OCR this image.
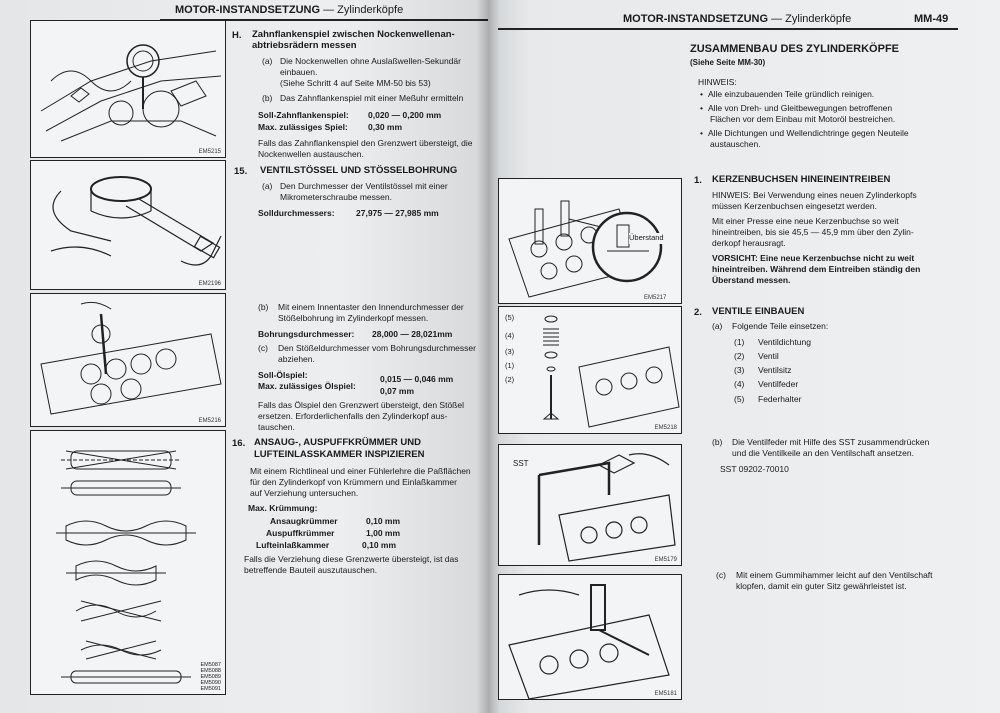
MOTOR-INSTANDSETZUNG — Zylinderköpfe
EM5215
EM2196
EM5216
EM5087
EM5088
EM5089
EM5090
EM5091
H. Zahnflankenspiel zwischen Nockenwellenan-
abtriebsrädern messen
(a) Die Nockenwellen ohne Auslaßwellen-Sekundär
einbauen.
(Siehe Schritt 4 auf Seite MM-50 bis 53)
(b) Das Zahnflankenspiel mit einer Meßuhr ermitteln
Soll-Zahnflankenspiel: 0,020 — 0,200 mm
Max. zulässiges Spiel: 0,30 mm
Falls das Zahnflankenspiel den Grenzwert übersteigt, die
Nockenwellen austauschen.
15. VENTILSTÖSSEL UND STÖSSELBOHRUNG
(a) Den Durchmesser der Ventilstössel mit einer
Mikrometerschraube messen.
Solldurchmessers:	27,975 — 27,985 mm
(b) Mit einem Innentaster den Innendurchmesser der
Stößelbohrung im Zylinderkopf messen.
Bohrungsdurchmesser: 28,000 — 28,021mm
(c) Den Stößeldurchmesser vom Bohrungsdurchmesser
abziehen.
Soll-Ölspiel:	0,015 — 0,046 mm
Max. zulässiges Ölspiel:	0,07 mm
Falls das Ölspiel den Grenzwert übersteigt, den Stößel
ersetzen. Erforderlichenfalls den Zylinderkopf aus-
tauschen.
16. ANSAUG-, AUSPUFFKRÜMMER UND
LUFTEINLASSKAMMER INSPIZIEREN
Mit einem Richtlineal und einer Fühlerlehre die Paßflächen
für den Zylinderkopf von Krümmern und Einlaßkammer
auf Verziehung untersuchen.
Max. Krümmung:
Ansaugkrümmer	0,10 mm
Auspuffkrümmer	1,00 mm
Lufteinlaßkammer	0,10 mm
Falls die Verziehung diese Grenzwerte übersteigt, ist das
betreffende Bauteil auszutauschen.
MOTOR-INSTANDSETZUNG — Zylinderköpfe	MM-49
ZUSAMMENBAU DES ZYLINDERKÖPFE
(Siehe Seite MM-30)
HINWEIS:
• Alle einzubauenden Teile gründlich reinigen.
• Alle von Dreh- und Gleitbewegungen betroffenen
Flächen vor dem Einbau mit Motoröl bestreichen.
• Alle Dichtungen und Wellendichtringe gegen Neuteile
austauschen.
Überstand
EM5217
(5)
(4)
(3)
(1)
(2)
EM5218
SST
EM5179
EM5181
1. KERZENBUCHSEN HINEINEINTREIBEN
HINWEIS: Bei Verwendung eines neuen Zylinderkopfs
müssen Kerzenbuchsen eingesetzt werden.
Mit einer Presse eine neue Kerzenbuchse so weit
hineintreiben, bis sie 45,5 — 45,9 mm über den Zylin-
derkopf herausragt.
VORSICHT: Eine neue Kerzenbuchse nicht zu weit
hineintreiben. Während dem Eintreiben ständig den
Überstand messen.
2. VENTILE EINBAUEN
(a) Folgende Teile einsetzen:
(1) Ventildichtung
(2) Ventil
(3) Ventilsitz
(4) Ventilfeder
(5) Federhalter
(b) Die Ventilfeder mit Hilfe des SST zusammendrücken
und die Ventilkeile an den Ventilschaft ansetzen.
SST 09202-70010
(c) Mit einem Gummihammer leicht auf den Ventilschaft
klopfen, damit ein guter Sitz gewährleistet ist.
